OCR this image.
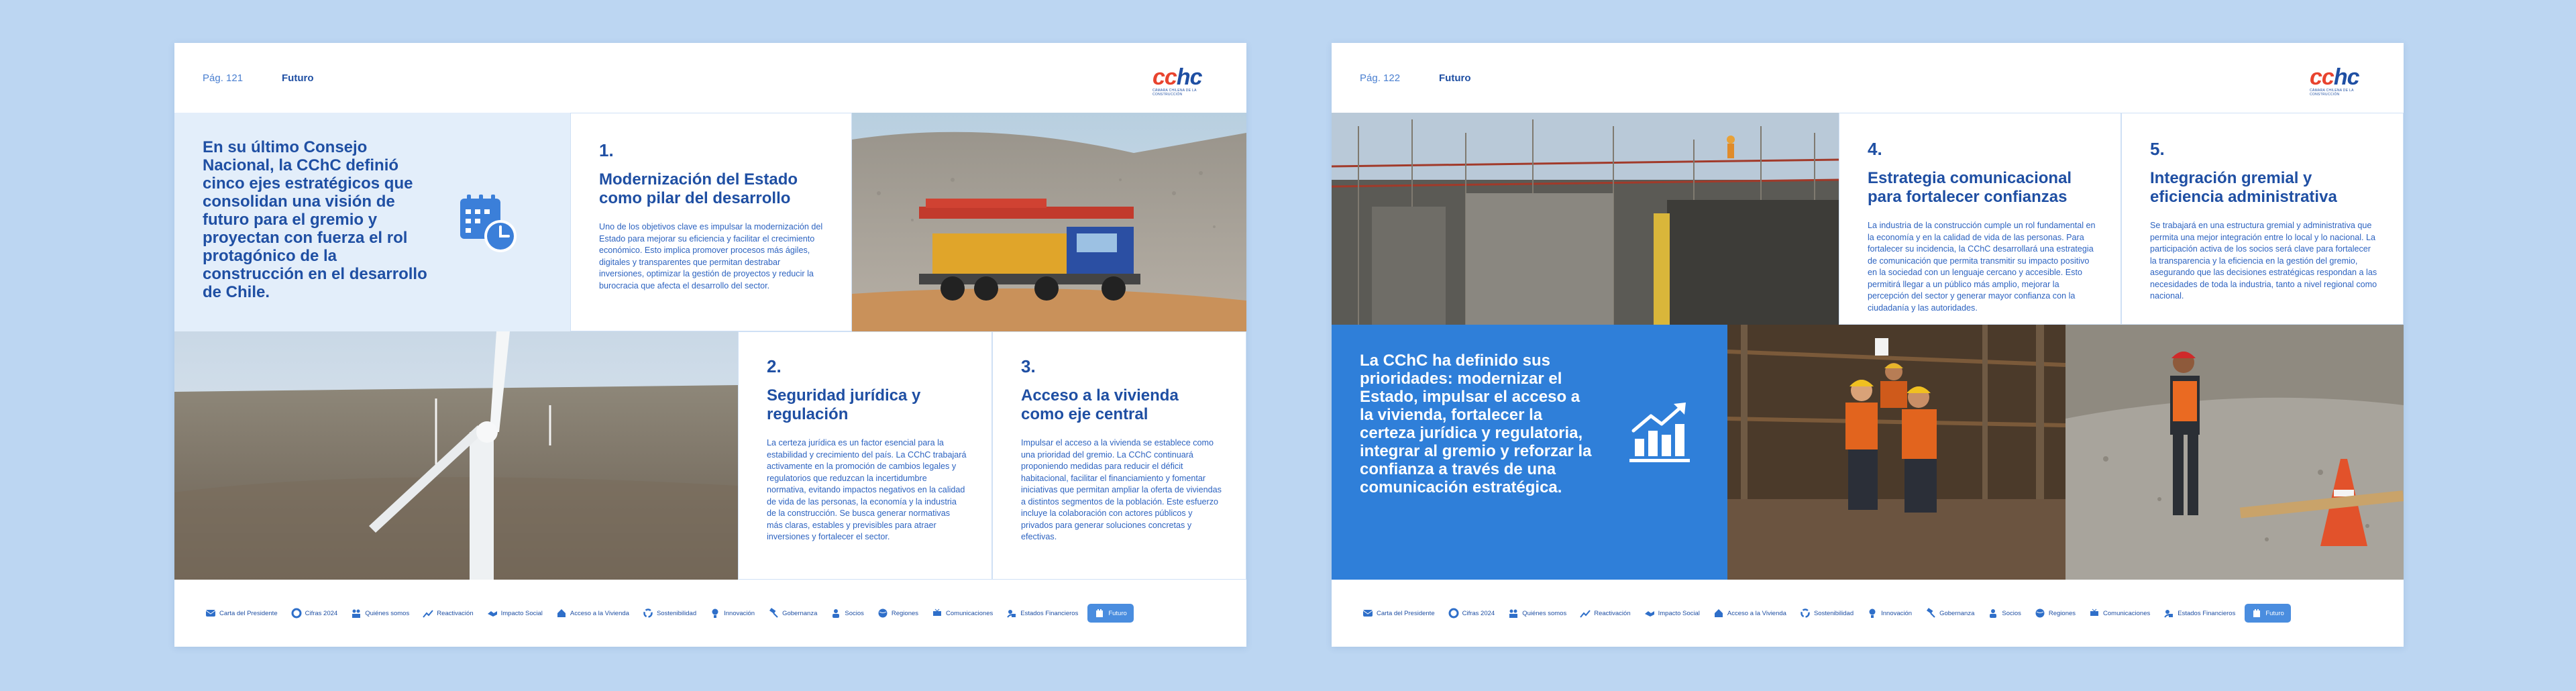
Pág. 121	Futuro	cchc
CÁMARA CHILENA DE LA CONSTRUCCIÓN
En su último Consejo Nacional, la CChC definió cinco ejes estratégicos que consolidan una visión de futuro para el gremio y proyectan con fuerza el rol protagónico de la construcción en el desarrollo de Chile.
1.
Modernización del Estado como pilar del desarrollo
Uno de los objetivos clave es impulsar la modernización del Estado para mejorar su eficiencia y facilitar el crecimiento económico. Esto implica promover procesos más ágiles, digitales y transparentes que permitan destrabar inversiones, optimizar la gestión de proyectos y reducir la burocracia que afecta el desarrollo del sector.
2.
Seguridad jurídica y regulación
La certeza jurídica es un factor esencial para la estabilidad y crecimiento del país. La CChC trabajará activamente en la promoción de cambios legales y regulatorios que reduzcan la incertidumbre normativa, evitando impactos negativos en la calidad de vida de las personas, la economía y la industria de la construcción. Se busca generar normativas más claras, estables y previsibles para atraer inversiones y fortalecer el sector.
3.
Acceso a la vivienda como eje central
Impulsar el acceso a la vivienda se establece como una prioridad del gremio. La CChC continuará proponiendo medidas para reducir el déficit habitacional, facilitar el financiamiento y fomentar iniciativas que permitan ampliar la oferta de viviendas a distintos segmentos de la población. Este esfuerzo incluye la colaboración con actores públicos y privados para generar soluciones concretas y efectivas.
Carta del Presidente	Cifras 2024	Quiénes somos	Reactivación	Impacto Social	Acceso a la Vivienda	Sostenibilidad	Innovación	Gobernanza	Socios	Regiones	Comunicaciones	Estados Financieros	Futuro
Pág. 122	Futuro	cchc
CÁMARA CHILENA DE LA CONSTRUCCIÓN
4.
Estrategia comunicacional para fortalecer confianzas
La industria de la construcción cumple un rol fundamental en la economía y en la calidad de vida de las personas. Para fortalecer su incidencia, la CChC desarrollará una estrategia de comunicación que permita transmitir su impacto positivo en la sociedad con un lenguaje cercano y accesible. Esto permitirá llegar a un público más amplio, mejorar la percepción del sector y generar mayor confianza con la ciudadanía y las autoridades.
5.
Integración gremial y eficiencia administrativa
Se trabajará en una estructura gremial y administrativa que permita una mejor integración entre lo local y lo nacional. La participación activa de los socios será clave para fortalecer la transparencia y la eficiencia en la gestión del gremio, asegurando que las decisiones estratégicas respondan a las necesidades de toda la industria, tanto a nivel regional como nacional.
La CChC ha definido sus prioridades: modernizar el Estado, impulsar el acceso a la vivienda, fortalecer la certeza jurídica y regulatoria, integrar al gremio y reforzar la confianza a través de una comunicación estratégica.
Carta del Presidente	Cifras 2024	Quiénes somos	Reactivación	Impacto Social	Acceso a la Vivienda	Sostenibilidad	Innovación	Gobernanza	Socios	Regiones	Comunicaciones	Estados Financieros	Futuro
